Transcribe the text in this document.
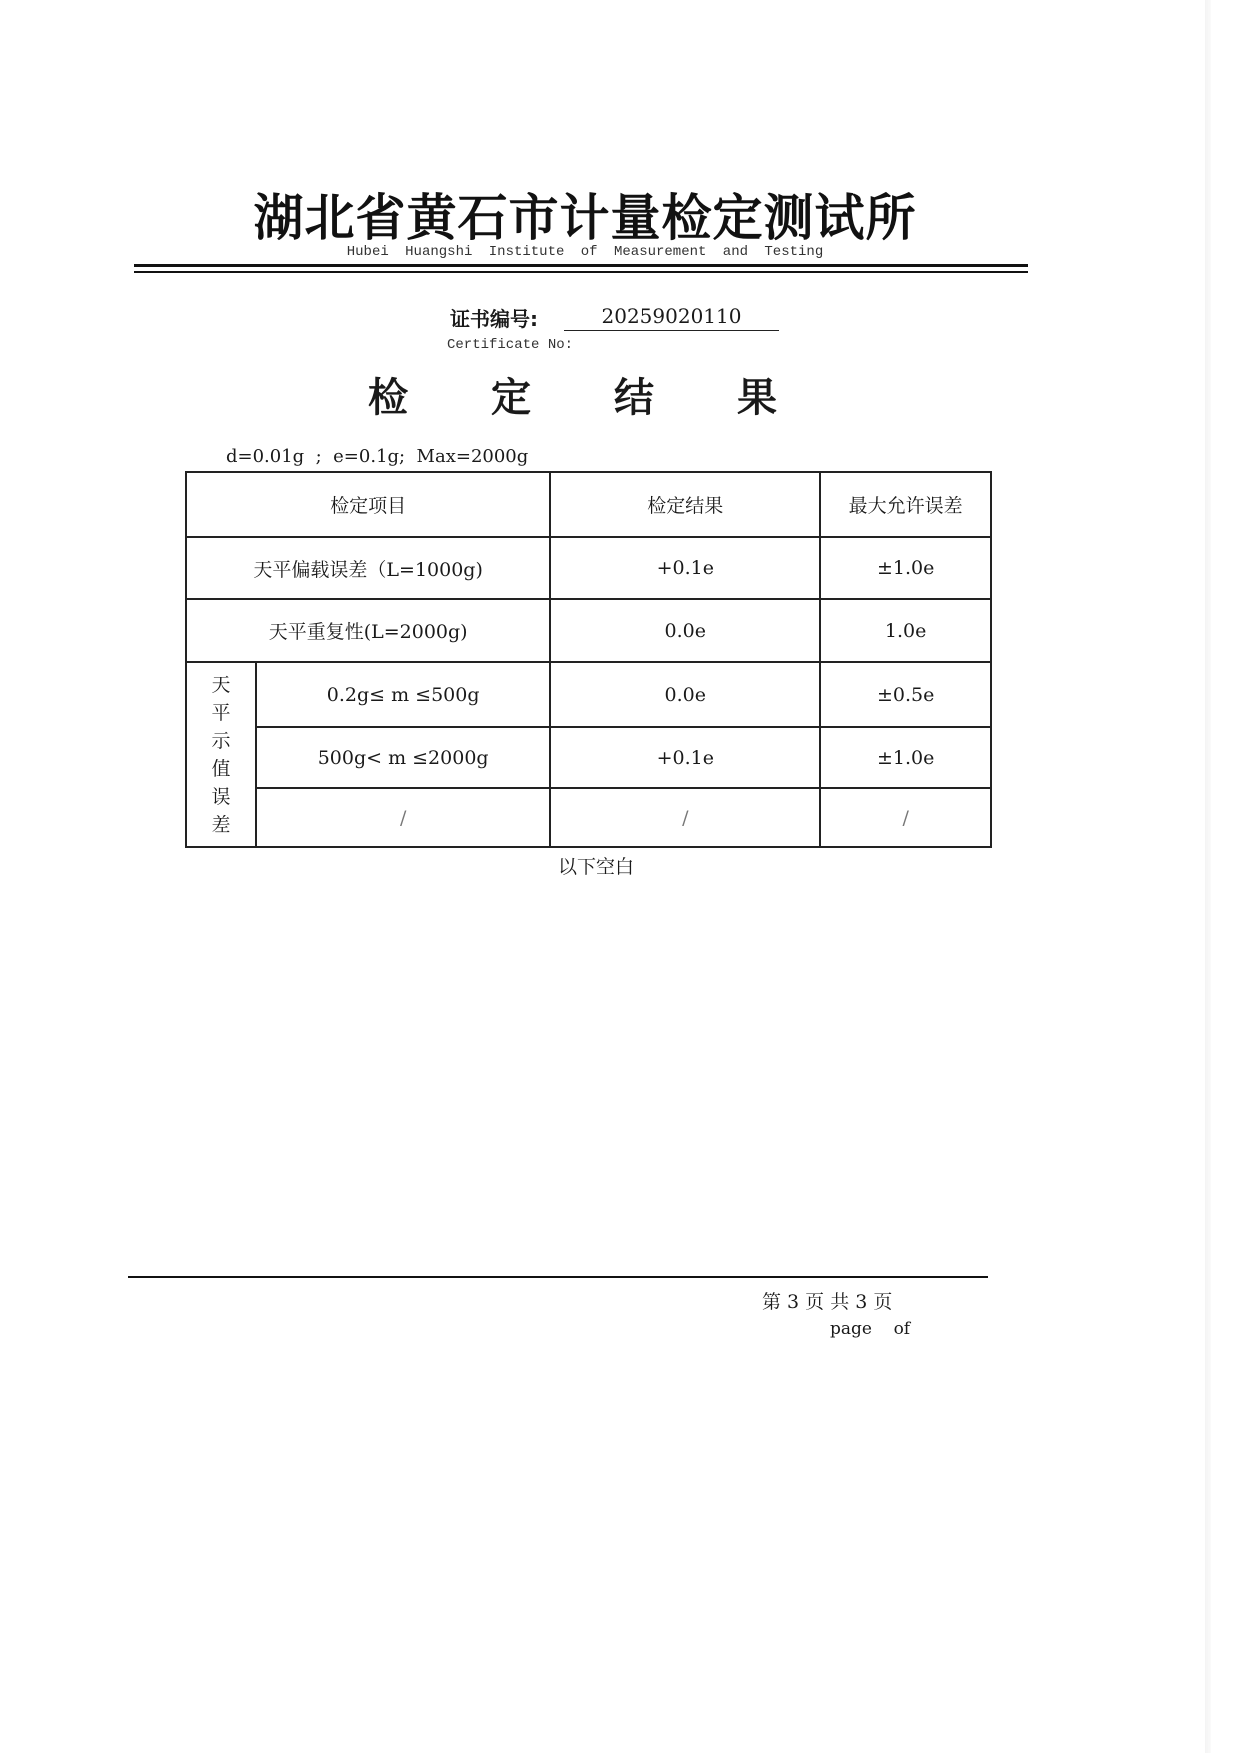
湖北省黄石市计量检定测试所
Hubei Huangshi Institute of Measurement and Testing
证书编号:	20259020110
Certificate No:
检 定 结 果
d=0.01g  ;  e=0.1g;  Max=2000g
检定项目		检定结果	最大允许误差
天平偏载误差（L=1000g)		+0.1e	±1.0e
天平重复性(L=2000g)		0.0e	1.0e
天平示值误差	0.2g≤ m ≤500g	0.0e	±0.5e
	500g< m ≤2000g	+0.1e	±1.0e
	/	/	/
以下空白
第 3 页 共 3 页
page    of
